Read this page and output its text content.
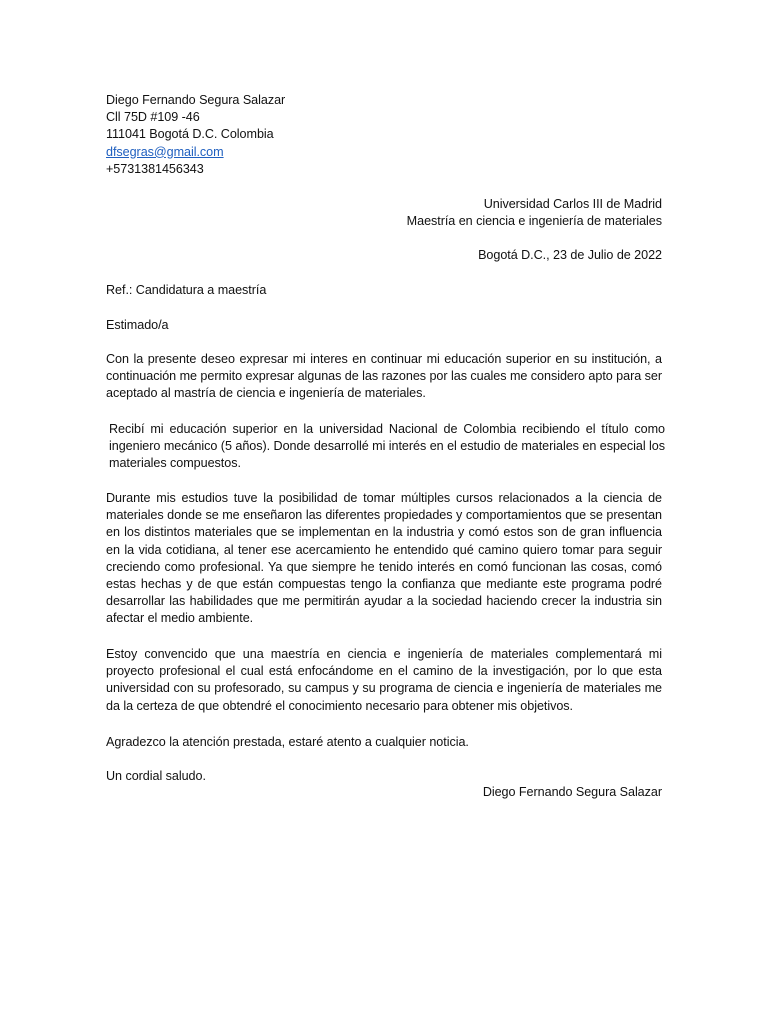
Diego Fernando Segura Salazar
Cll 75D #109 -46
111041 Bogotá D.C. Colombia
dfsegras@gmail.com
+5731381456343
Universidad Carlos III de Madrid
Maestría en ciencia e ingeniería de materiales
Bogotá D.C., 23 de Julio de 2022
Ref.: Candidatura a maestría
Estimado/a
Con la presente deseo expresar mi interes en continuar mi educación superior en su institución, a continuación me permito expresar algunas de las razones por las cuales me considero apto para ser aceptado al mastría de ciencia e ingeniería de materiales.
Recibí mi educación superior en la universidad Nacional de Colombia recibiendo el título como ingeniero mecánico (5 años). Donde desarrollé mi interés en el estudio de materiales en especial los materiales compuestos.
Durante mis estudios tuve la posibilidad de tomar múltiples cursos relacionados a la ciencia de materiales donde se me enseñaron las diferentes propiedades y comportamientos que se presentan en los distintos materiales que se implementan en la industria y comó estos son de gran influencia en la vida cotidiana, al tener ese acercamiento he entendido qué camino quiero tomar para seguir creciendo como profesional. Ya que siempre he tenido interés en comó funcionan las cosas, comó estas hechas y de que están compuestas tengo la confianza que mediante este programa podré desarrollar las habilidades que me permitirán ayudar a la sociedad haciendo crecer la industria sin afectar el medio ambiente.
Estoy convencido que una maestría en ciencia e ingeniería de materiales complementará mi proyecto profesional el cual está enfocándome en el camino de la investigación, por lo que esta universidad con su profesorado, su campus y su programa de ciencia e ingeniería de materiales me da la certeza de que obtendré el conocimiento necesario para obtener mis objetivos.
Agradezco la atención prestada, estaré atento a cualquier noticia.
Un cordial saludo.
Diego Fernando Segura Salazar
